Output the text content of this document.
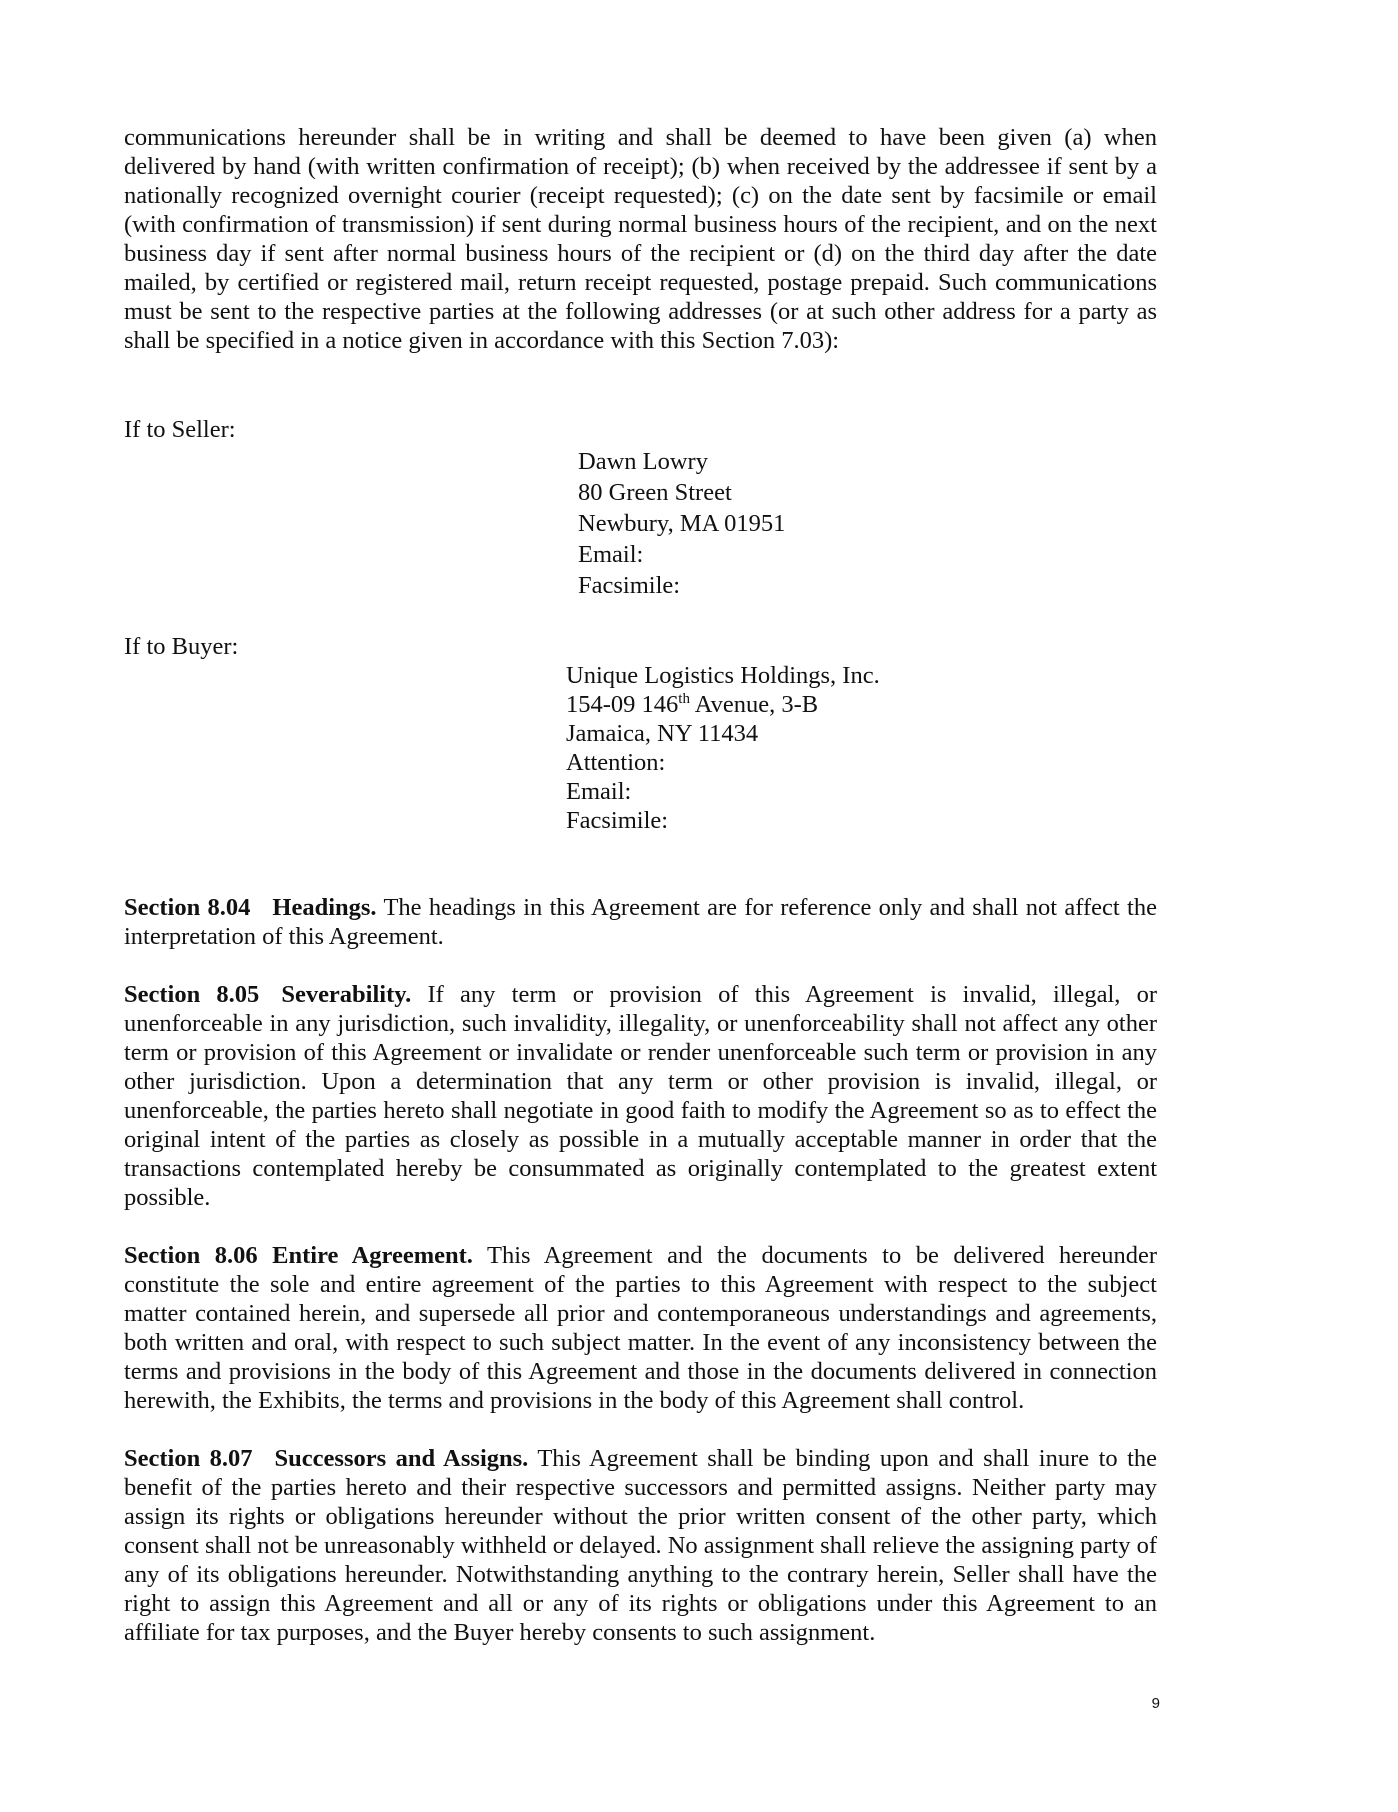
communications hereunder shall be in writing and shall be deemed to have been given (a) when delivered by hand (with written confirmation of receipt); (b) when received by the addressee if sent by a nationally recognized overnight courier (receipt requested); (c) on the date sent by facsimile or email (with confirmation of transmission) if sent during normal business hours of the recipient, and on the next business day if sent after normal business hours of the recipient or (d) on the third day after the date mailed, by certified or registered mail, return receipt requested, postage prepaid. Such communications must be sent to the respective parties at the following addresses (or at such other address for a party as shall be specified in a notice given in accordance with this Section 7.03):

If to Seller:

Dawn Lowry
80 Green Street
Newbury, MA 01951
Email:
Facsimile:

If to Buyer:

Unique Logistics Holdings, Inc.
154-09 146th Avenue, 3-B
Jamaica, NY 11434
Attention:
Email:
Facsimile:

Section 8.04 Headings. The headings in this Agreement are for reference only and shall not affect the interpretation of this Agreement.

Section 8.05 Severability. If any term or provision of this Agreement is invalid, illegal, or unenforceable in any jurisdiction, such invalidity, illegality, or unenforceability shall not affect any other term or provision of this Agreement or invalidate or render unenforceable such term or provision in any other jurisdiction. Upon a determination that any term or other provision is invalid, illegal, or unenforceable, the parties hereto shall negotiate in good faith to modify the Agreement so as to effect the original intent of the parties as closely as possible in a mutually acceptable manner in order that the transactions contemplated hereby be consummated as originally contemplated to the greatest extent possible.

Section 8.06 Entire Agreement. This Agreement and the documents to be delivered hereunder constitute the sole and entire agreement of the parties to this Agreement with respect to the subject matter contained herein, and supersede all prior and contemporaneous understandings and agreements, both written and oral, with respect to such subject matter. In the event of any inconsistency between the terms and provisions in the body of this Agreement and those in the documents delivered in connection herewith, the Exhibits, the terms and provisions in the body of this Agreement shall control.

Section 8.07 Successors and Assigns. This Agreement shall be binding upon and shall inure to the benefit of the parties hereto and their respective successors and permitted assigns. Neither party may assign its rights or obligations hereunder without the prior written consent of the other party, which consent shall not be unreasonably withheld or delayed. No assignment shall relieve the assigning party of any of its obligations hereunder. Notwithstanding anything to the contrary herein, Seller shall have the right to assign this Agreement and all or any of its rights or obligations under this Agreement to an affiliate for tax purposes, and the Buyer hereby consents to such assignment.

9
